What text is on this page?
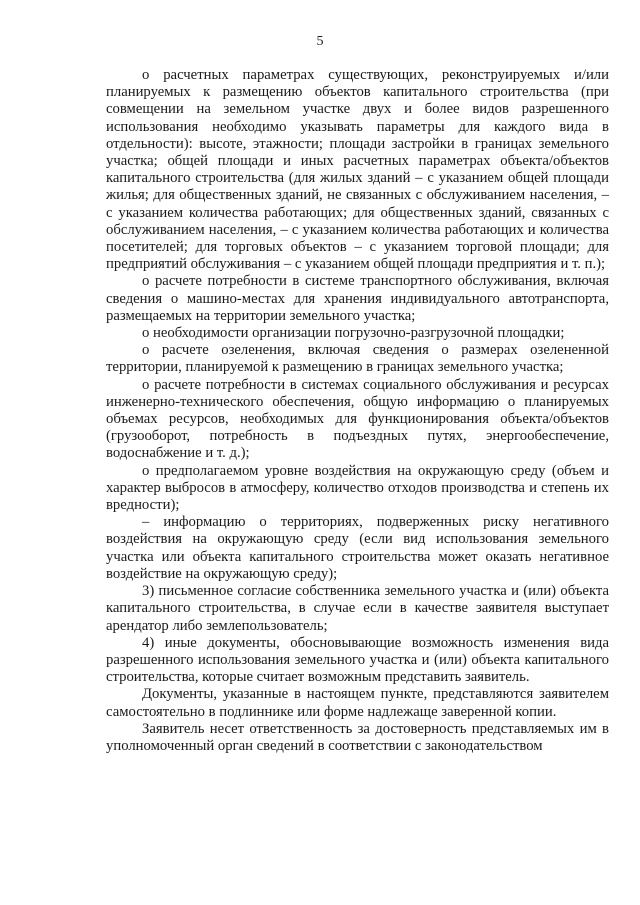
5

о расчетных параметрах существующих, реконструируемых и/или планируемых к размещению объектов капитального строительства (при совмещении на земельном участке двух и более видов разрешенного использования необходимо указывать параметры для каждого вида в отдельности): высоте, этажности; площади застройки в границах земельного участка; общей площади и иных расчетных параметрах объекта/объектов капитального строительства (для жилых зданий – с указанием общей площади жилья; для общественных зданий, не связанных с обслуживанием населения, – с указанием количества работающих; для общественных зданий, связанных с обслуживанием населения, – с указанием количества работающих и количества посетителей; для торговых объектов – с указанием торговой площади; для предприятий обслуживания – с указанием общей площади предприятия и т. п.);

о расчете потребности в системе транспортного обслуживания, включая сведения о машино-местах для хранения индивидуального автотранспорта, размещаемых на территории земельного участка;

о необходимости организации погрузочно-разгрузочной площадки;

о расчете озеленения, включая сведения о размерах озелененной территории, планируемой к размещению в границах земельного участка;

о расчете потребности в системах социального обслуживания и ресурсах инженерно-технического обеспечения, общую информацию о планируемых объемах ресурсов, необходимых для функционирования объекта/объектов (грузооборот, потребность в подъездных путях, энергообеспечение, водоснабжение и т. д.);

о предполагаемом уровне воздействия на окружающую среду (объем и характер выбросов в атмосферу, количество отходов производства и степень их вредности);

– информацию о территориях, подверженных риску негативного воздействия на окружающую среду (если вид использования земельного участка или объекта капитального строительства может оказать негативное воздействие на окружающую среду);

3) письменное согласие собственника земельного участка и (или) объекта капитального строительства, в случае если в качестве заявителя выступает арендатор либо землепользователь;

4) иные документы, обосновывающие возможность изменения вида разрешенного использования земельного участка и (или) объекта капитального строительства, которые считает возможным представить заявитель.

Документы, указанные в настоящем пункте, представляются заявителем самостоятельно в подлиннике или форме надлежаще заверенной копии.

Заявитель несет ответственность за достоверность представляемых им в уполномоченный орган сведений в соответствии с законодательством
